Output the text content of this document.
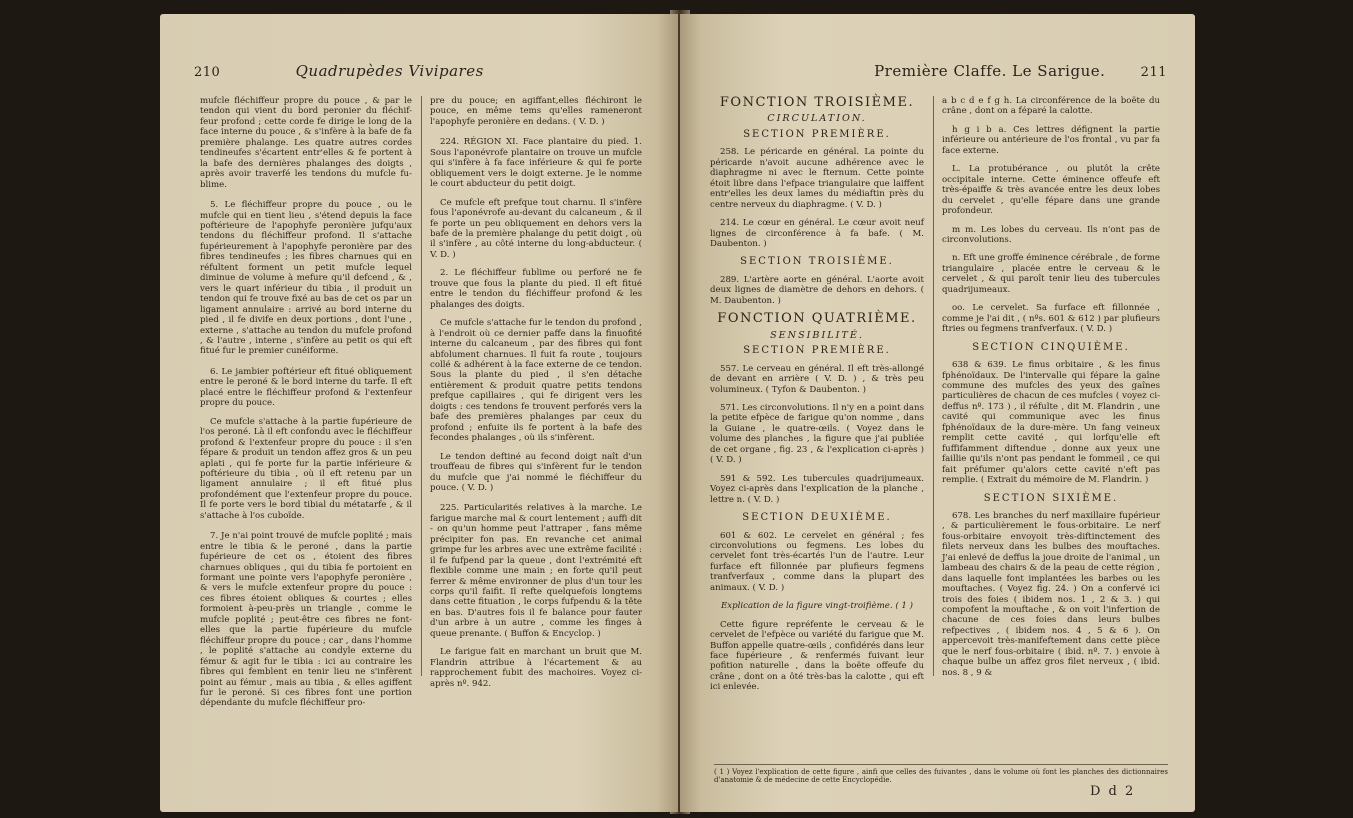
210	Quadrupèdes Vivipares

mufcle fléchiffeur propre du pouce , & par le tendon qui vient du bord peronier du fléchif-feur profond ; cette corde fe dirige le long de la face interne du pouce , & s'infère à la bafe de fa première phalange. Les quatre autres cordes tendineufes s'écartent entr'elles & fe portent à la bafe des dernières phalanges des doigts , après avoir traverfé les tendons du mufcle fu-blime.

5. Le fléchiffeur propre du pouce , ou le mufcle qui en tient lieu , s'étend depuis la face poftérieure de l'apophyfe peronière jufqu'aux tendons du fléchiffeur profond. Il s'attache fupérieurement à l'apophyfe peronière par des fibres tendineufes ; les fibres charnues qui en réfultent forment un petit mufcle lequel diminue de volume à mefure qu'il defcend , & , vers le quart inférieur du tibia , il produit un tendon qui fe trouve fixé au bas de cet os par un ligament annulaire : arrivé au bord interne du pied , il fe divife en deux portions , dont l'une , externe , s'attache au tendon du mufcle profond , & l'autre , interne , s'infère au petit os qui eft fitué fur le premier cunéiforme.

6. Le jambier poftérieur eft fitué obliquement entre le peroné & le bord interne du tarfe. Il eft placé entre le fléchiffeur profond & l'extenfeur propre du pouce.

Ce mufcle s'attache à la partie fupérieure de l'os peroné. Là il eft confondu avec le fléchiffeur profond & l'extenfeur propre du pouce : il s'en fépare & produit un tendon affez gros & un peu aplati , qui fe porte fur la partie inférieure & poftérieure du tibia , où il eft retenu par un ligament annulaire ; il eft fitué plus profondément que l'extenfeur propre du pouce. Il fe porte vers le bord tibial du métatarfe , & il s'attache à l'os cuboïde.

7. Je n'ai point trouvé de mufcle poplité ; mais entre le tibia & le peroné , dans la partie fupérieure de cet os , étoient des fibres charnues obliques , qui du tibia fe portoient en formant une pointe vers l'apophyfe peronière , & vers le mufcle extenfeur propre du pouce : ces fibres étoient obliques & courtes ; elles formoient à-peu-près un triangle , comme le mufcle poplité ; peut-être ces fibres ne font-elles que la partie fupérieure du mufcle fléchiffeur propre du pouce ; car , dans l'homme , le poplité s'attache au condyle externe du fémur & agit fur le tibia : ici au contraire les fibres qui femblent en tenir lieu ne s'infèrent point au fémur , mais au tibia , & elles agiffent fur le peroné. Si ces fibres font une portion dépendante du mufcle fléchiffeur pro-

pre du pouce; en agiffant,elles fléchiront le pouce, en même tems qu'elles rameneront l'apophyfe peronière en dedans. ( V. D. )

224. RÉGION XI. Face plantaire du pied. 1. Sous l'aponévrofe plantaire on trouve un mufcle qui s'infère à fa face inférieure & qui fe porte obliquement vers le doigt externe. Je le nomme le court abducteur du petit doigt.

Ce mufcle eft prefque tout charnu. Il s'infère fous l'aponévrofe au-devant du calcaneum , & il fe porte un peu obliquement en dehors vers la bafe de la première phalange du petit doigt , où il s'infère , au côté interne du long-abducteur. ( V. D. )

2. Le fléchiffeur fublime ou perforé ne fe trouve que fous la plante du pied. Il eft fitué entre le tendon du fléchiffeur profond & les phalanges des doigts.

Ce mufcle s'attache fur le tendon du profond , à l'endroit où ce dernier paffe dans la finuofité interne du calcaneum , par des fibres qui font abfolument charnues. Il fuit fa route , toujours collé & adhérent à la face externe de ce tendon. Sous la plante du pied , il s'en détache entièrement & produit quatre petits tendons prefque capillaires , qui fe dirigent vers les doigts : ces tendons fe trouvent perforés vers la bafe des premières phalanges par ceux du profond ; enfuite ils fe portent à la bafe des fecondes phalanges , où ils s'infèrent.

Le tendon deftiné au fecond doigt naît d'un trouffeau de fibres qui s'infèrent fur le tendon du mufcle que j'ai nommé le fléchiffeur du pouce. ( V. D. )

225. Particularités relatives à la marche. Le farigue marche mal & court lentement ; auffi dit - on qu'un homme peut l'attraper , fans même précipiter fon pas. En revanche cet animal grimpe fur les arbres avec une extrême facilité : il fe fufpend par la queue , dont l'extrémité eft flexible comme une main ; en forte qu'il peut ferrer & même environner de plus d'un tour les corps qu'il faifit. Il refte quelquefois longtems dans cette fituation , le corps fufpendu & la tête en bas. D'autres fois il fe balance pour fauter d'un arbre à un autre , comme les finges à queue prenante. ( Buffon & Encyclop. )

Le farigue fait en marchant un bruit que M. Flandrin attribue à l'écartement & au rapprochement fubit des machoires. Voyez ci-après nº. 942.

Première Claffe. Le Sarigue.	211
FONCTION TROISIÈME.
CIRCULATION.
SECTION PREMIÈRE.

258. Le péricarde en général. La pointe du péricarde n'avoit aucune adhérence avec le diaphragme ni avec le fternum. Cette pointe étoit libre dans l'efpace triangulaire que laiffent entr'elles les deux lames du médiaftin près du centre nerveux du diaphragme. ( V. D. )

214. Le cœur en général. Le cœur avoit neuf lignes de circonférence à fa bafe. ( M. Daubenton. )

SECTION TROISIÈME.

289. L'artère aorte en général. L'aorte avoit deux lignes de diamètre de dehors en dehors. ( M. Daubenton. )

FONCTION QUATRIÈME.
SENSIBILITÉ.
SECTION PREMIÈRE.

557. Le cerveau en général. Il eft très-allongé de devant en arrière ( V. D. ) , & très peu volumineux. ( Tyfon & Daubenton. )

571. Les circonvolutions. Il n'y en a point dans la petite efpèce de farigue qu'on nomme , dans la Guiane , le quatre-œils. ( Voyez dans le volume des planches , la figure que j'ai publiée de cet organe , fig. 23 , & l'explication ci-après ) ( V. D. )

591 & 592. Les tubercules quadrijumeaux. Voyez ci-après dans l'explication de la planche , lettre n. ( V. D. )

SECTION DEUXIÈME.

601 & 602. Le cervelet en général ; fes circonvolutions ou fegmens. Les lobes du cervelet font très-écartés l'un de l'autre. Leur furface eft fillonnée par plufieurs fegmens tranfverfaux , comme dans la plupart des animaux. ( V. D. )

Explication de la figure vingt-troifième. ( 1 )

Cette figure repréfente le cerveau & le cervelet de l'efpèce ou variété du farigue que M. Buffon appelle quatre-œils , confidérés dans leur face fupérieure , & renfermés fuivant leur pofition naturelle , dans la boëte offeufe du crâne , dont on a ôté très-bas la calotte , qui eft ici enlevée.

a b c d e f g h. La circonférence de la boëte du crâne , dont on a féparé la calotte.

h g i b a. Ces lettres défignent la partie inférieure ou antérieure de l'os frontal , vu par fa face externe.

L. La protubérance , ou plutôt la crête occipitale interne. Cette éminence offeufe eft très-épaiffe & très avancée entre les deux lobes du cervelet , qu'elle fépare dans une grande profondeur.

m m. Les lobes du cerveau. Ils n'ont pas de circonvolutions.

n. Eft une groffe éminence cérébrale , de forme triangulaire , placée entre le cerveau & le cervelet , & qui paroît tenir lieu des tubercules quadrijumeaux.

oo. Le cervelet. Sa furface eft fillonnée , comme je l'ai dit , ( nºs. 601 & 612 ) par plufieurs ftries ou fegmens tranfverfaux. ( V. D. )

SECTION CINQUIÈME.

638 & 639. Le finus orbitaire , & les finus fphénoïdaux. De l'intervalle qui fépare la gaîne commune des mufcles des yeux des gaînes particulières de chacun de ces mufcles ( voyez ci-deffus nº. 173 ) , il réfulte , dit M. Flandrin , une cavité qui communique avec les finus fphénoïdaux de la dure-mère. Un fang veineux remplit cette cavité , qui lorfqu'elle eft fuffifamment diftendue , donne aux yeux une faillie qu'ils n'ont pas pendant le fommeil , ce qui fait préfumer qu'alors cette cavité n'eft pas remplie. ( Extrait du mémoire de M. Flandrin. )

SECTION SIXIÈME.

678. Les branches du nerf maxillaire fupérieur , & particulièrement le fous-orbitaire. Le nerf fous-orbitaire envoyoit très-diftinctement des filets nerveux dans les bulbes des mouftaches. J'ai enlevé de deffus la joue droite de l'animal , un lambeau des chairs & de la peau de cette région , dans laquelle font implantées les barbes ou les mouftaches. ( Voyez fig. 24. ) On a confervé ici trois des foies ( ibidem nos. 1 , 2 & 3. ) qui compofent la mouftache , & on voit l'infertion de chacune de ces foies dans leurs bulbes refpectives , ( ibidem nos. 4 , 5 & 6 ). On appercevoit très-manifeftement dans cette pièce que le nerf fous-orbitaire ( ibid. nº. 7. ) envoie à chaque bulbe un affez gros filet nerveux , ( ibid. nos. 8 , 9 &

( 1 ) Voyez l'explication de cette figure , ainfi que celles des fuivantes , dans le volume où font les planches des dictionnaires d'anatomie & de médecine de cette Encyclopédie.
D d 2
